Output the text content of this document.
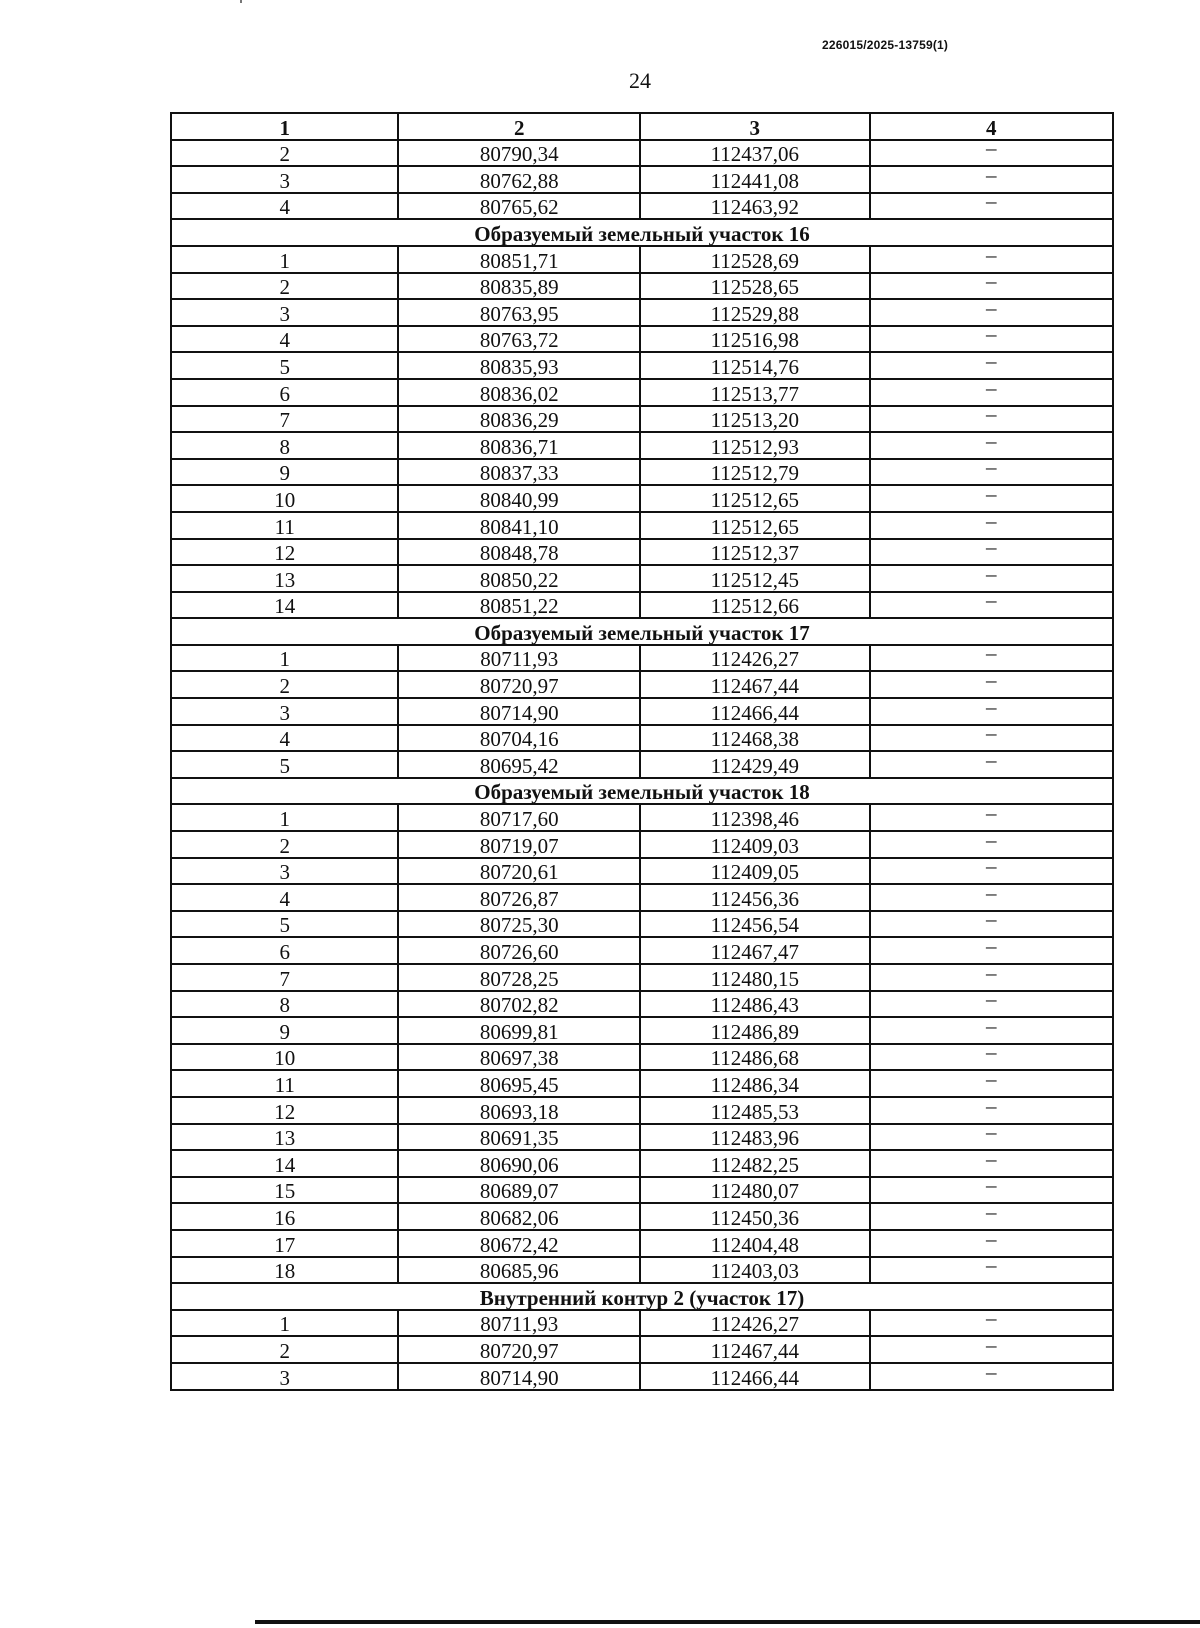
226015/2025-13759(1)
24
1	2	3	4
2	80790,34	112437,06	–
3	80762,88	112441,08	–
4	80765,62	112463,92	–
Образуемый земельный участок 16			
1	80851,71	112528,69	–
2	80835,89	112528,65	–
3	80763,95	112529,88	–
4	80763,72	112516,98	–
5	80835,93	112514,76	–
6	80836,02	112513,77	–
7	80836,29	112513,20	–
8	80836,71	112512,93	–
9	80837,33	112512,79	–
10	80840,99	112512,65	–
11	80841,10	112512,65	–
12	80848,78	112512,37	–
13	80850,22	112512,45	–
14	80851,22	112512,66	–
Образуемый земельный участок 17			
1	80711,93	112426,27	–
2	80720,97	112467,44	–
3	80714,90	112466,44	–
4	80704,16	112468,38	–
5	80695,42	112429,49	–
Образуемый земельный участок 18			
1	80717,60	112398,46	–
2	80719,07	112409,03	–
3	80720,61	112409,05	–
4	80726,87	112456,36	–
5	80725,30	112456,54	–
6	80726,60	112467,47	–
7	80728,25	112480,15	–
8	80702,82	112486,43	–
9	80699,81	112486,89	–
10	80697,38	112486,68	–
11	80695,45	112486,34	–
12	80693,18	112485,53	–
13	80691,35	112483,96	–
14	80690,06	112482,25	–
15	80689,07	112480,07	–
16	80682,06	112450,36	–
17	80672,42	112404,48	–
18	80685,96	112403,03	–
Внутренний контур 2 (участок 17)			
1	80711,93	112426,27	–
2	80720,97	112467,44	–
3	80714,90	112466,44	–
